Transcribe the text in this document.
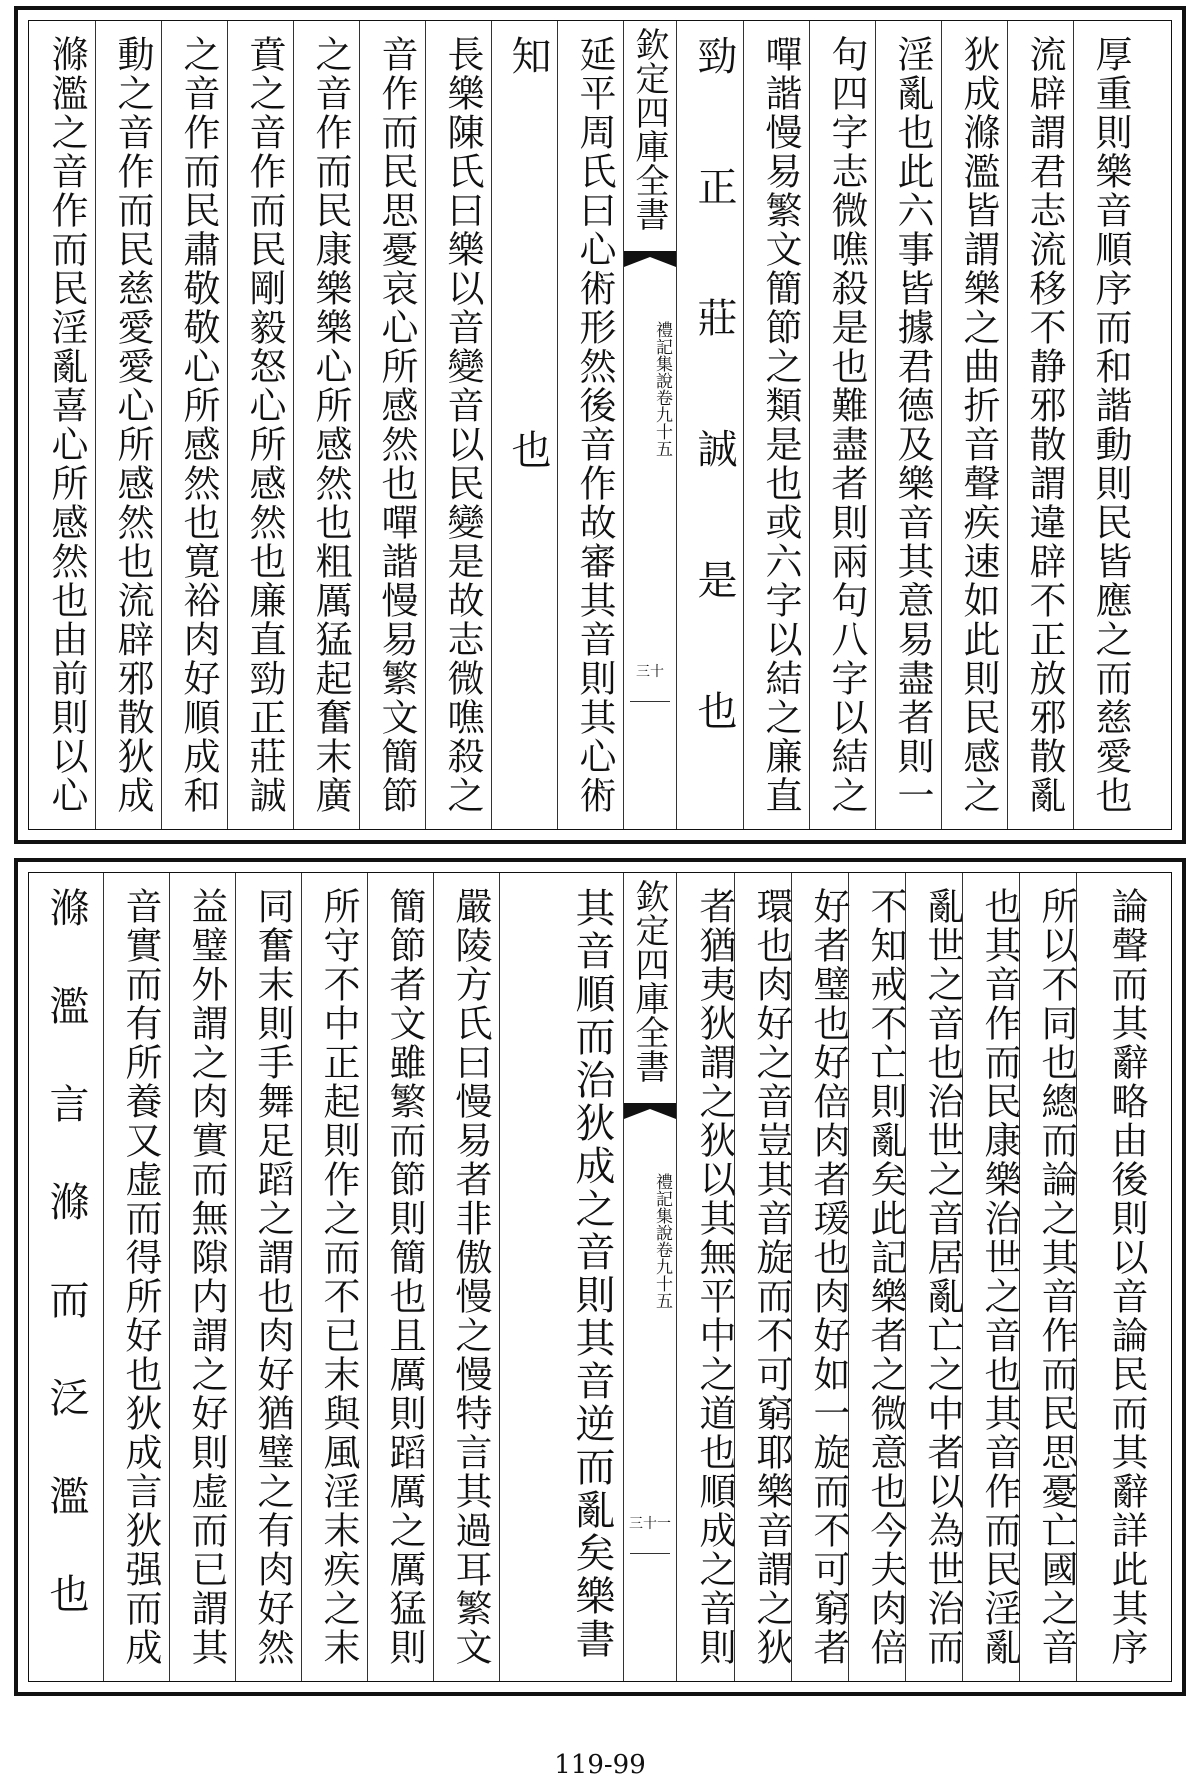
滌濫之音作而民淫亂喜心所感然也由前則以心 動之音作而民慈愛愛心所感然也流辟邪散狄成 之音作而民肅敬敬心所感然也寛裕肉好順成和 賁之音作而民剛毅怒心所感然也廉直勁正莊誠 之音作而民康樂樂心所感然也粗厲猛起奮末廣 音作而民思憂哀心所感然也嘽諧慢易繁文簡節 長樂陳氏曰樂以音變音以民變是故志微噍殺之 知也 延平周氏曰心術形然後音作故審其音則其心術 欽定四庫全書
禮記集說卷九十五
三十 勁正莊誠是也 嘽諧慢易繁文簡節之類是也或六字以結之廉直 句四字志微噍殺是也難盡者則兩句八字以結之 淫亂也此六事皆據君德及樂音其意易盡者則一 狄成滌濫皆謂樂之曲折音聲疾速如此則民感之 流辟謂君志流移不静邪散謂違辟不正放邪散亂 厚重則樂音順序而和諧動則民皆應之而慈愛也
滌濫言滌而泛濫也 音實而有所養又虚而得所好也狄成言狄强而成 益璧外謂之肉實而無隙内謂之好則虚而已謂其 同奮末則手舞足蹈之謂也肉好猶璧之有肉好然 所守不中正起則作之而不已末與風淫末疾之末 簡節者文雖繁而節則簡也且厲則蹈厲之厲猛則 嚴陵方氏曰慢易者非傲慢之慢特言其過耳繁文	其音順而治狄成之音則其音逆而亂矣樂書 欽定四庫全書
禮記集說卷九十五
三十一 者猶夷狄謂之狄以其無平中之道也順成之音則 環也肉好之音豈其音旋而不可窮耶樂音謂之狄 好者璧也好倍肉者瑗也肉好如一旋而不可窮者 不知戒不亡則亂矣此記樂者之微意也今夫肉倍 亂世之音也治世之音居亂亡之中者以為世治而 也其音作而民康樂治世之音也其音作而民淫亂 所以不同也總而論之其音作而民思憂亡國之音 論聲而其辭略由後則以音論民而其辭詳此其序
119-99
